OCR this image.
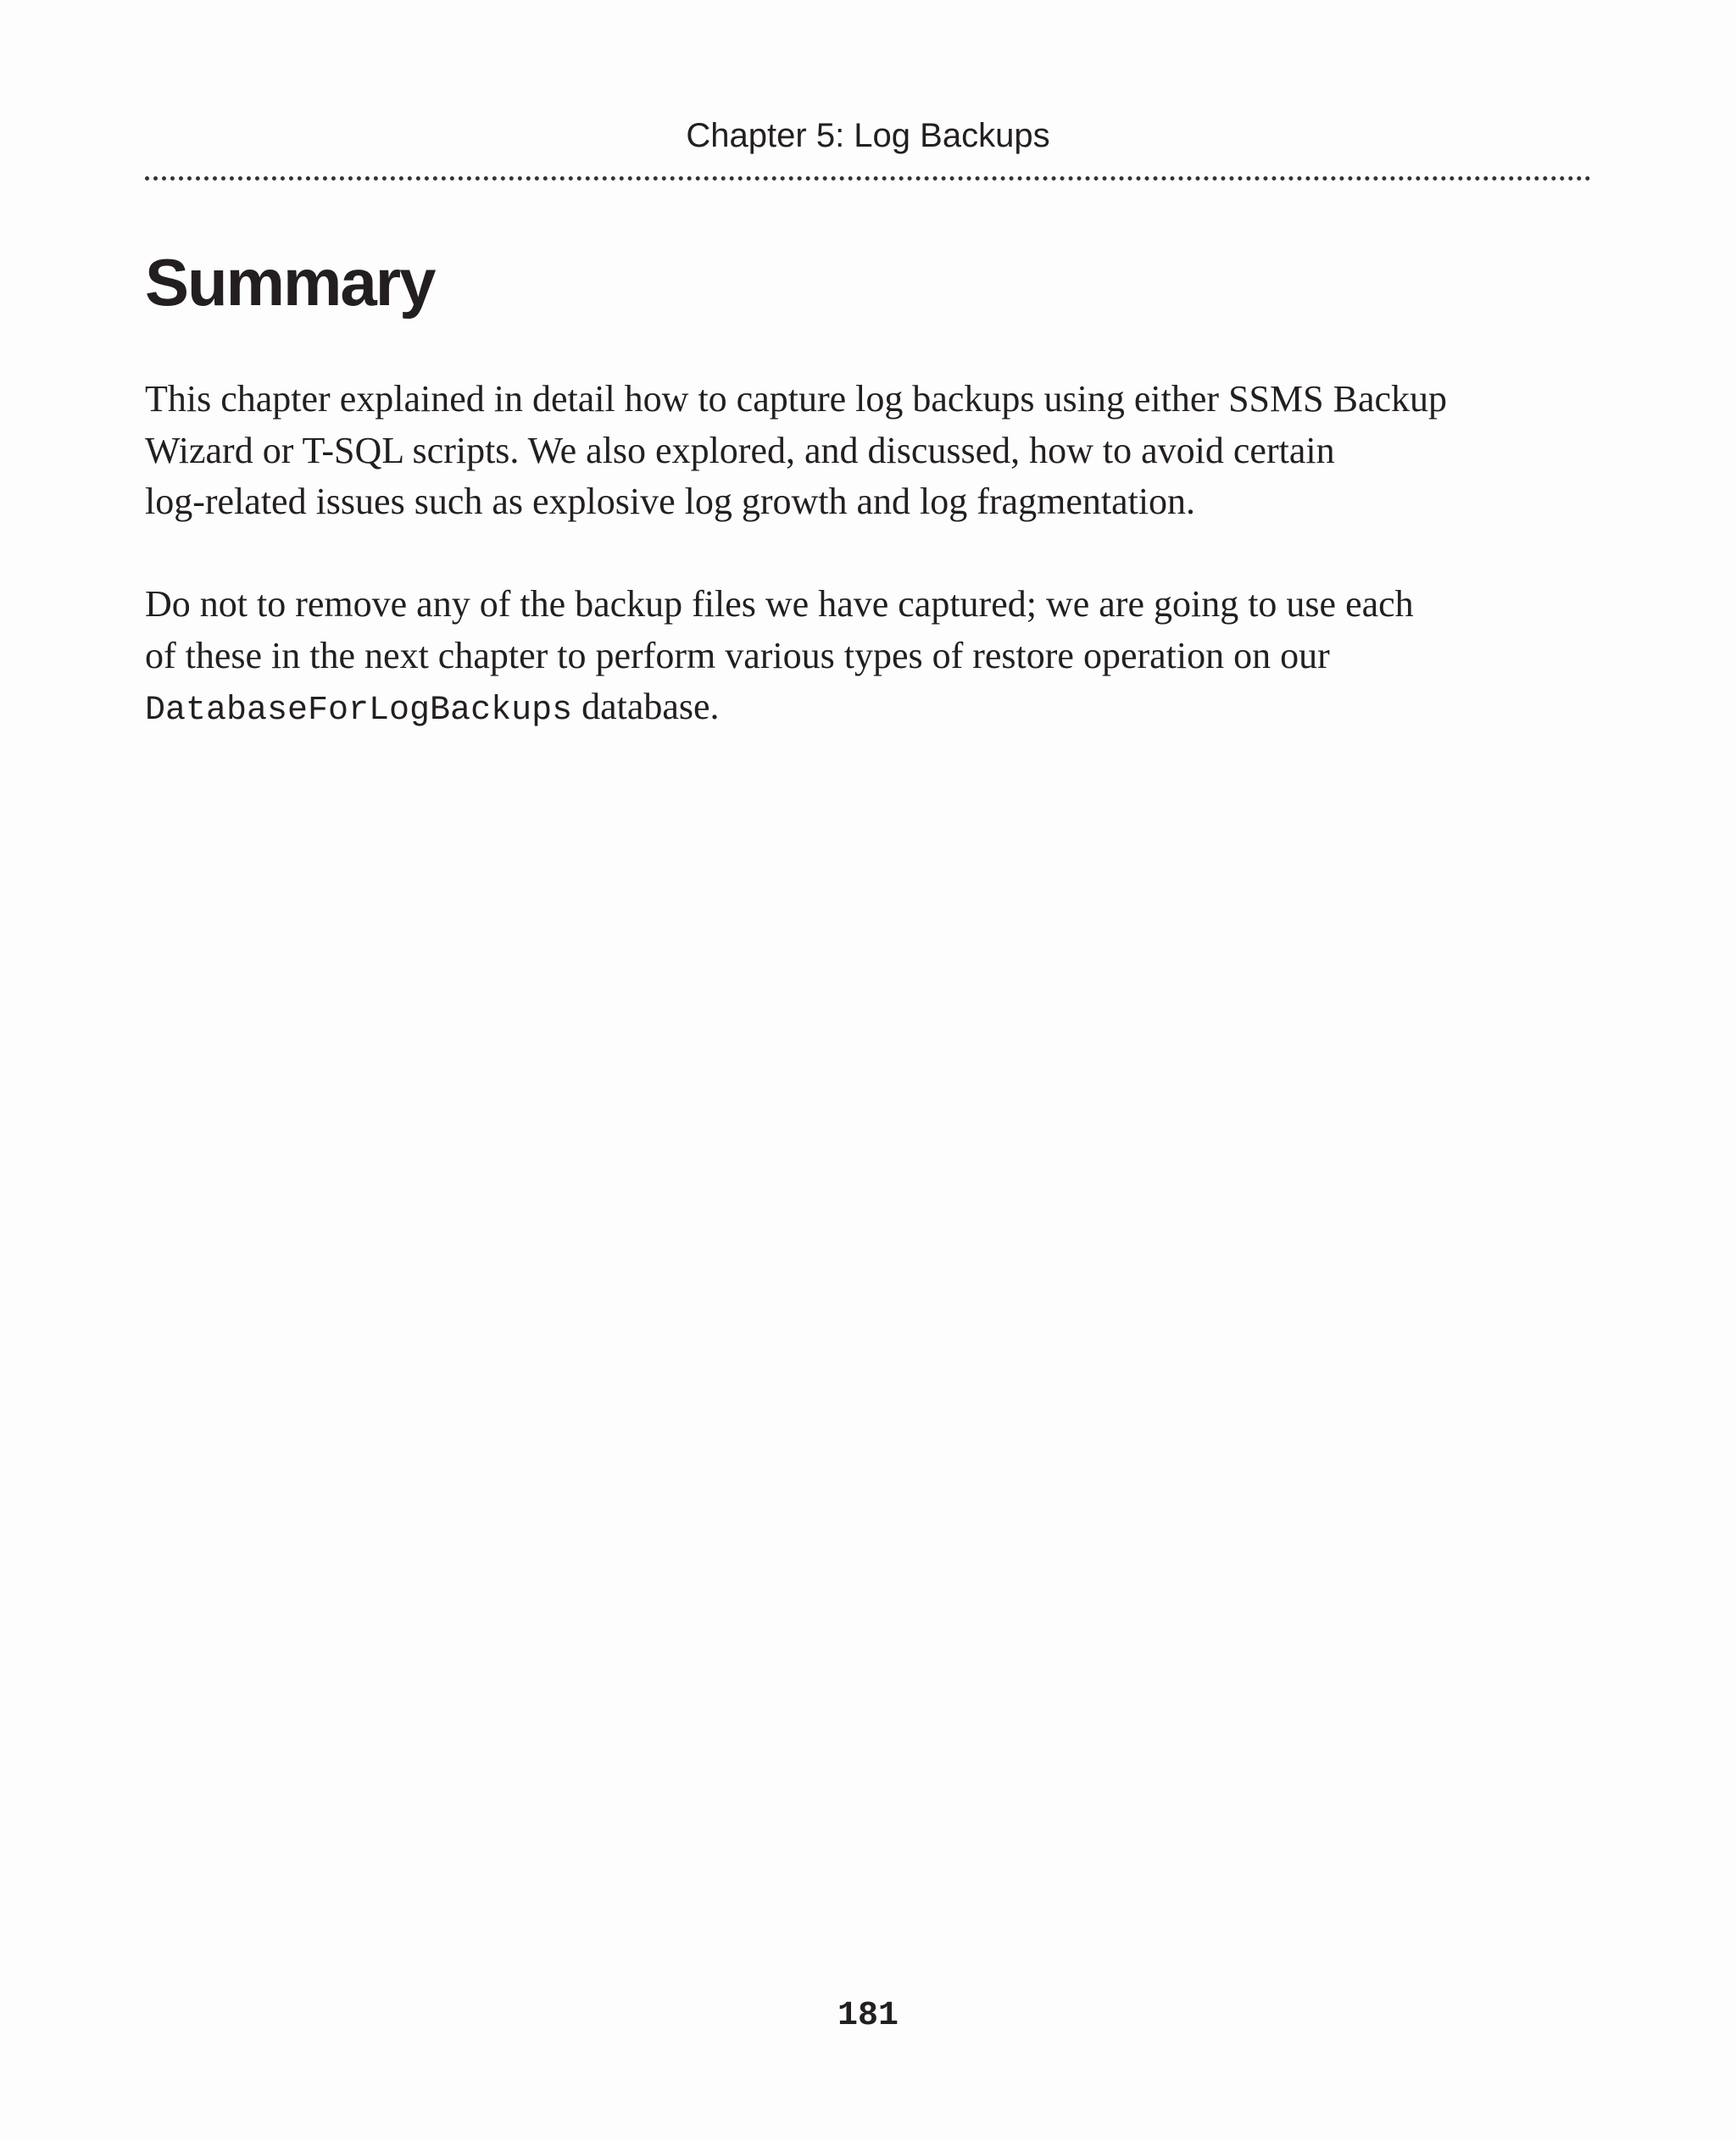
Chapter 5: Log Backups
Summary
This chapter explained in detail how to capture log backups using either SSMS Backup
Wizard or T-SQL scripts. We also explored, and discussed, how to avoid certain
log-related issues such as explosive log growth and log fragmentation.
Do not to remove any of the backup files we have captured; we are going to use each
of these in the next chapter to perform various types of restore operation on our
DatabaseForLogBackups database.
181
